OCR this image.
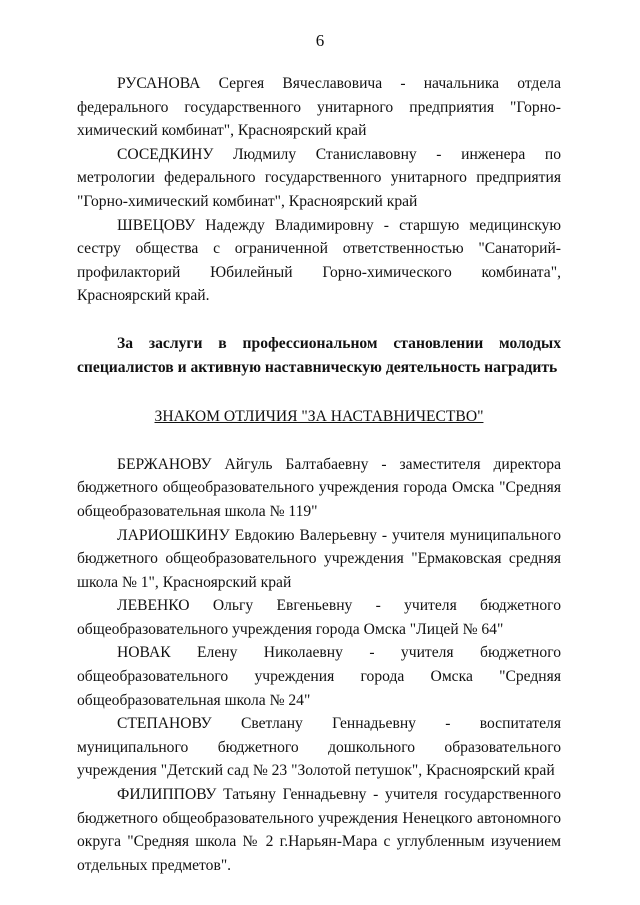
6

РУСАНОВА Сергея Вячеславовича - начальника отдела федерального государственного унитарного предприятия "Горно-химический комбинат", Красноярский край

СОСЕДКИНУ Людмилу Станиславовну - инженера по метрологии федерального государственного унитарного предприятия "Горно-химический комбинат", Красноярский край

ШВЕЦОВУ Надежду Владимировну - старшую медицинскую сестру общества с ограниченной ответственностью "Санаторий-профилакторий Юбилейный Горно-химического комбината", Красноярский край.

За заслуги в профессиональном становлении молодых специалистов и активную наставническую деятельность наградить

ЗНАКОМ ОТЛИЧИЯ "ЗА НАСТАВНИЧЕСТВО"

БЕРЖАНОВУ Айгуль Балтабаевну - заместителя директора бюджетного общеобразовательного учреждения города Омска "Средняя общеобразовательная школа № 119"

ЛАРИОШКИНУ Евдокию Валерьевну - учителя муниципального бюджетного общеобразовательного учреждения "Ермаковская средняя школа № 1", Красноярский край

ЛЕВЕНКО Ольгу Евгеньевну - учителя бюджетного общеобразовательного учреждения города Омска "Лицей № 64"

НОВАК Елену Николаевну - учителя бюджетного общеобразовательного учреждения города Омска "Средняя общеобразовательная школа № 24"

СТЕПАНОВУ Светлану Геннадьевну - воспитателя муниципального бюджетного дошкольного образовательного учреждения "Детский сад № 23 "Золотой петушок", Красноярский край

ФИЛИППОВУ Татьяну Геннадьевну - учителя государственного бюджетного общеобразовательного учреждения Ненецкого автономного округа "Средняя школа № 2 г.Нарьян-Мара с углубленным изучением отдельных предметов".
